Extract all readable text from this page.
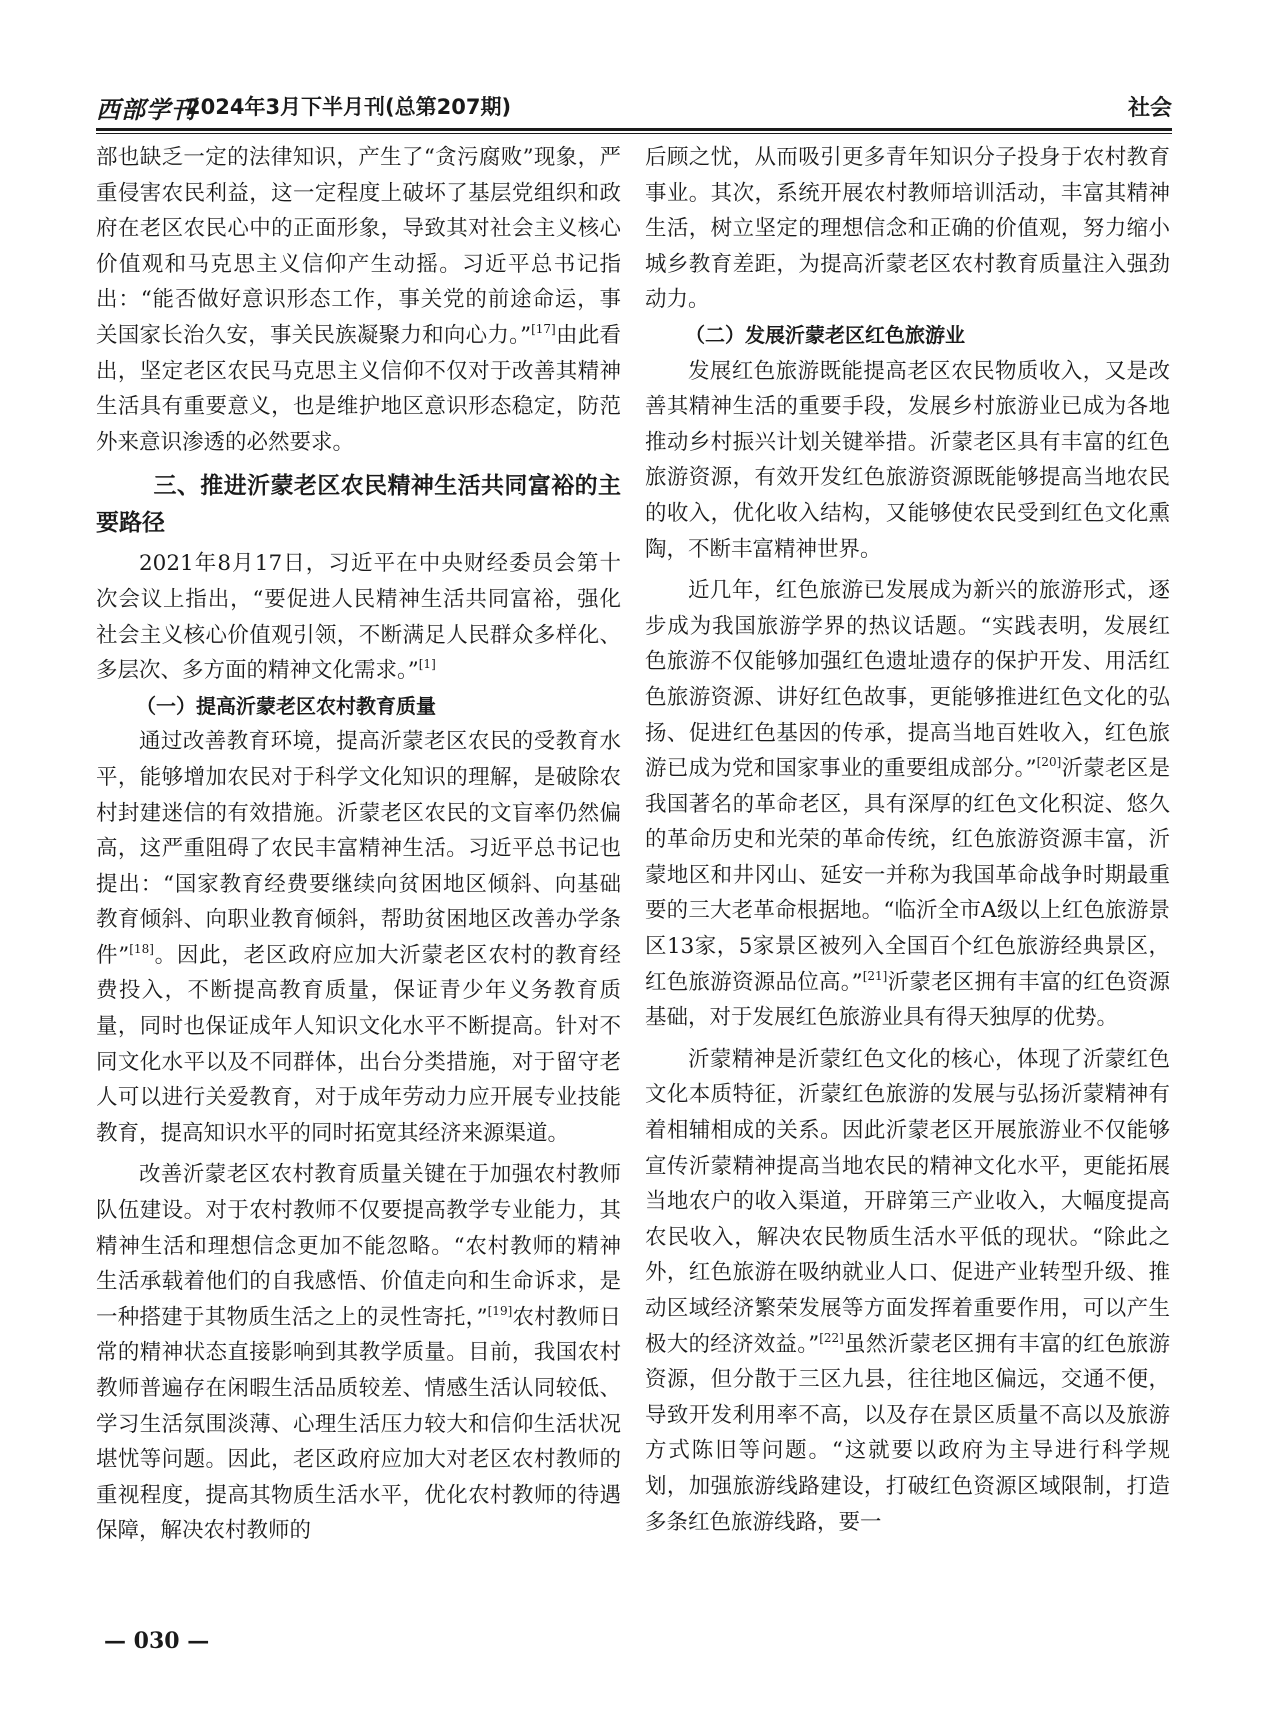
西部学刊
2024年3月下半月刊(总第207期)	社会

部也缺乏一定的法律知识，产生了“贪污腐败”现象，严重侵害农民利益，这一定程度上破坏了基层党组织和政府在老区农民心中的正面形象，导致其对社会主义核心价值观和马克思主义信仰产生动摇。习近平总书记指出：“能否做好意识形态工作，事关党的前途命运，事关国家长治久安，事关民族凝聚力和向心力。”[17]由此看出，坚定老区农民马克思主义信仰不仅对于改善其精神生活具有重要意义，也是维护地区意识形态稳定，防范外来意识渗透的必然要求。

三、推进沂蒙老区农民精神生活共同富裕的主要路径

2021年8月17日，习近平在中央财经委员会第十次会议上指出，“要促进人民精神生活共同富裕，强化社会主义核心价值观引领，不断满足人民群众多样化、多层次、多方面的精神文化需求。”[1]

（一）提高沂蒙老区农村教育质量

通过改善教育环境，提高沂蒙老区农民的受教育水平，能够增加农民对于科学文化知识的理解，是破除农村封建迷信的有效措施。沂蒙老区农民的文盲率仍然偏高，这严重阻碍了农民丰富精神生活。习近平总书记也提出：“国家教育经费要继续向贫困地区倾斜、向基础教育倾斜、向职业教育倾斜，帮助贫困地区改善办学条件”[18]。因此，老区政府应加大沂蒙老区农村的教育经费投入，不断提高教育质量，保证青少年义务教育质量，同时也保证成年人知识文化水平不断提高。针对不同文化水平以及不同群体，出台分类措施，对于留守老人可以进行关爱教育，对于成年劳动力应开展专业技能教育，提高知识水平的同时拓宽其经济来源渠道。

改善沂蒙老区农村教育质量关键在于加强农村教师队伍建设。对于农村教师不仅要提高教学专业能力，其精神生活和理想信念更加不能忽略。“农村教师的精神生活承载着他们的自我感悟、价值走向和生命诉求，是一种搭建于其物质生活之上的灵性寄托，”[19]农村教师日常的精神状态直接影响到其教学质量。目前，我国农村教师普遍存在闲暇生活品质较差、情感生活认同较低、学习生活氛围淡薄、心理生活压力较大和信仰生活状况堪忧等问题。因此，老区政府应加大对老区农村教师的重视程度，提高其物质生活水平，优化农村教师的待遇保障，解决农村教师的

后顾之忧，从而吸引更多青年知识分子投身于农村教育事业。其次，系统开展农村教师培训活动，丰富其精神生活，树立坚定的理想信念和正确的价值观，努力缩小城乡教育差距，为提高沂蒙老区农村教育质量注入强劲动力。

（二）发展沂蒙老区红色旅游业

发展红色旅游既能提高老区农民物质收入，又是改善其精神生活的重要手段，发展乡村旅游业已成为各地推动乡村振兴计划关键举措。沂蒙老区具有丰富的红色旅游资源，有效开发红色旅游资源既能够提高当地农民的收入，优化收入结构，又能够使农民受到红色文化熏陶，不断丰富精神世界。

近几年，红色旅游已发展成为新兴的旅游形式，逐步成为我国旅游学界的热议话题。“实践表明，发展红色旅游不仅能够加强红色遗址遗存的保护开发、用活红色旅游资源、讲好红色故事，更能够推进红色文化的弘扬、促进红色基因的传承，提高当地百姓收入，红色旅游已成为党和国家事业的重要组成部分。”[20]沂蒙老区是我国著名的革命老区，具有深厚的红色文化积淀、悠久的革命历史和光荣的革命传统，红色旅游资源丰富，沂蒙地区和井冈山、延安一并称为我国革命战争时期最重要的三大老革命根据地。“临沂全市A级以上红色旅游景区13家，5家景区被列入全国百个红色旅游经典景区，红色旅游资源品位高。”[21]沂蒙老区拥有丰富的红色资源基础，对于发展红色旅游业具有得天独厚的优势。

沂蒙精神是沂蒙红色文化的核心，体现了沂蒙红色文化本质特征，沂蒙红色旅游的发展与弘扬沂蒙精神有着相辅相成的关系。因此沂蒙老区开展旅游业不仅能够宣传沂蒙精神提高当地农民的精神文化水平，更能拓展当地农户的收入渠道，开辟第三产业收入，大幅度提高农民收入，解决农民物质生活水平低的现状。“除此之外，红色旅游在吸纳就业人口、促进产业转型升级、推动区域经济繁荣发展等方面发挥着重要作用，可以产生极大的经济效益。”[22]虽然沂蒙老区拥有丰富的红色旅游资源，但分散于三区九县，往往地区偏远，交通不便，导致开发利用率不高，以及存在景区质量不高以及旅游方式陈旧等问题。“这就要以政府为主导进行科学规划，加强旅游线路建设，打破红色资源区域限制，打造多条红色旅游线路，要一

— 030 —
